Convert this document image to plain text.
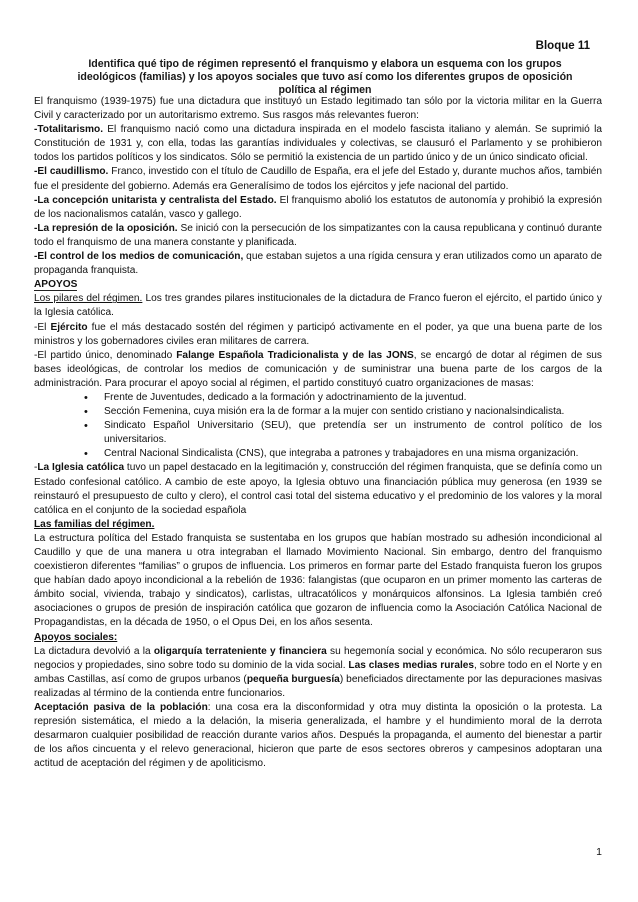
Bloque 11
Identifica qué tipo de régimen representó el franquismo y elabora un esquema con los grupos ideológicos (familias) y los apoyos sociales que tuvo así como los diferentes grupos de oposición política al régimen

El franquismo (1939-1975) fue una dictadura que instituyó un Estado legitimado tan sólo por la victoria militar en la Guerra Civil y caracterizado por un autoritarismo extremo. Sus rasgos más relevantes fueron:

-Totalitarismo. El franquismo nació como una dictadura inspirada en el modelo fascista italiano y alemán. Se suprimió la Constitución de 1931 y, con ella, todas las garantías individuales y colectivas, se clausuró el Parlamento y se prohibieron todos los partidos políticos y los sindicatos. Sólo se permitió la existencia de un partido único y de un único sindicato oficial.

-El caudillismo. Franco, investido con el título de Caudillo de España, era el jefe del Estado y, durante muchos años, también fue el presidente del gobierno. Además era Generalísimo de todos los ejércitos y jefe nacional del partido.

-La concepción unitarista y centralista del Estado. El franquismo abolió los estatutos de autonomía y prohibió la expresión de los nacionalismos catalán, vasco y gallego.

-La represión de la oposición. Se inició con la persecución de los simpatizantes con la causa republicana y continuó durante todo el franquismo de una manera constante y planificada.

-El control de los medios de comunicación, que estaban sujetos a una rígida censura y eran utilizados como un aparato de propaganda franquista.

APOYOS

Los pilares del régimen. Los tres grandes pilares institucionales de la dictadura de Franco fueron el ejército, el partido único y la Iglesia católica.

-El Ejército fue el más destacado sostén del régimen y participó activamente en el poder, ya que una buena parte de los ministros y los gobernadores civiles eran militares de carrera.

-El partido único, denominado Falange Española Tradicionalista y de las JONS, se encargó de dotar al régimen de sus bases ideológicas, de controlar los medios de comunicación y de suministrar una buena parte de los cargos de la administración. Para procurar el apoyo social al régimen, el partido constituyó cuatro organizaciones de masas:

• Frente de Juventudes, dedicado a la formación y adoctrinamiento de la juventud.
• Sección Femenina, cuya misión era la de formar a la mujer con sentido cristiano y nacionalsindicalista.
• Sindicato Español Universitario (SEU), que pretendía ser un instrumento de control político de los universitarios.
• Central Nacional Sindicalista (CNS), que integraba a patrones y trabajadores en una misma organización.

-La Iglesia católica tuvo un papel destacado en la legitimación y, construcción del régimen franquista, que se definía como un Estado confesional católico. A cambio de este apoyo, la Iglesia obtuvo una financiación pública muy generosa (en 1939 se reinstauró el presupuesto de culto y clero), el control casi total del sistema educativo y el predominio de los valores y la moral católica en el conjunto de la sociedad española

Las familias del régimen.

La estructura política del Estado franquista se sustentaba en los grupos que habían mostrado su adhesión incondicional al Caudillo y que de una manera u otra integraban el llamado Movimiento Nacional. Sin embargo, dentro del franquismo coexistieron diferentes “familias” o grupos de influencia. Los primeros en formar parte del Estado franquista fueron los grupos que habían dado apoyo incondicional a la rebelión de 1936: falangistas (que ocuparon en un primer momento las carteras de ámbito social, vivienda, trabajo y sindicatos), carlistas, ultracatólicos y monárquicos alfonsinos. La Iglesia también creó asociaciones o grupos de presión de inspiración católica que gozaron de influencia como la Asociación Católica Nacional de Propagandistas, en la década de 1950, o el Opus Dei, en los años sesenta.

Apoyos sociales:

La dictadura devolvió a la oligarquía terrateniente y financiera su hegemonía social y económica. No sólo recuperaron sus negocios y propiedades, sino sobre todo su dominio de la vida social. Las clases medias rurales, sobre todo en el Norte y en ambas Castillas, así como de grupos urbanos (pequeña burguesía) beneficiados directamente por las depuraciones masivas realizadas al término de la contienda entre funcionarios.

Aceptación pasiva de la población: una cosa era la disconformidad y otra muy distinta la oposición o la protesta. La represión sistemática, el miedo a la delación, la miseria generalizada, el hambre y el hundimiento moral de la derrota desarmaron cualquier posibilidad de reacción durante varios años. Después la propaganda, el aumento del bienestar a partir de los años cincuenta y el relevo generacional, hicieron que parte de esos sectores obreros y campesinos adoptaran una actitud de aceptación del régimen y de apoliticismo.

1
